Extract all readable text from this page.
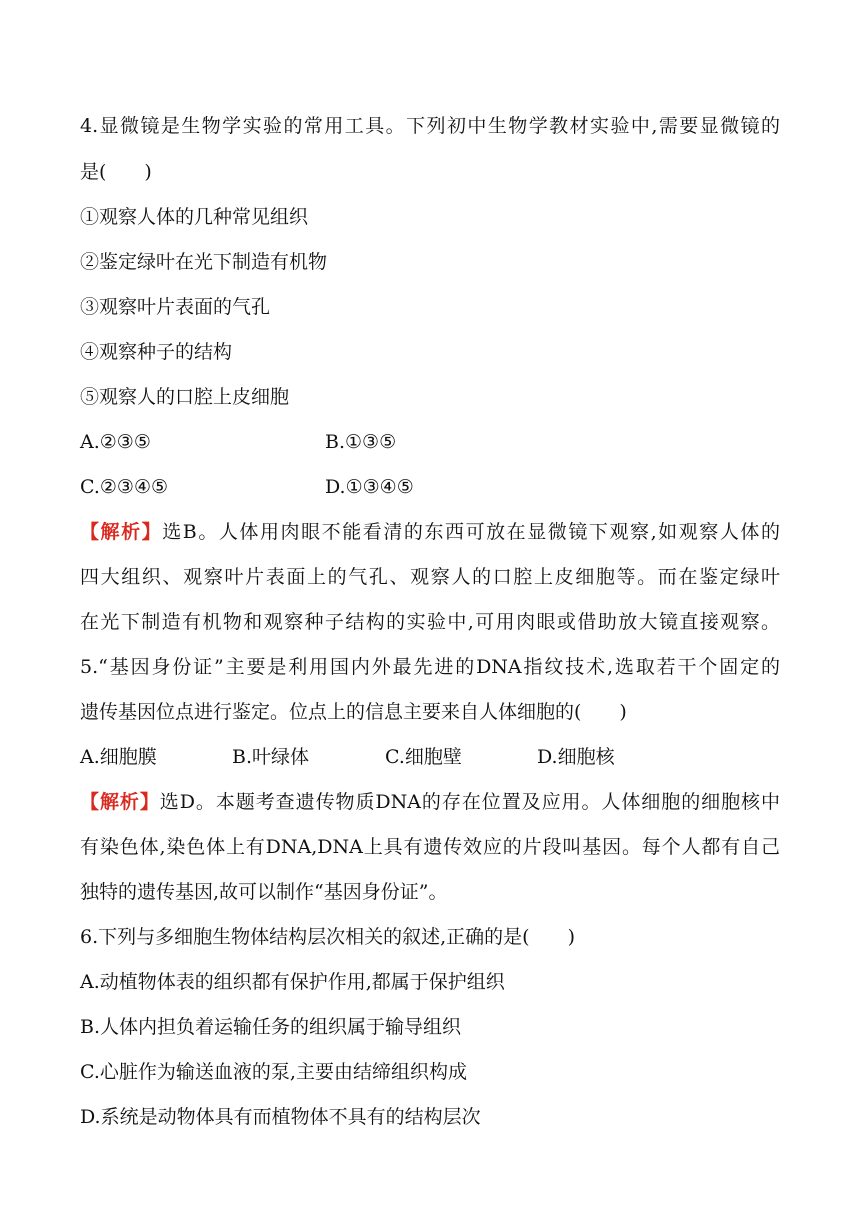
4.显微镜是生物学实验的常用工具。下列初中生物学教材实验中,需要显微镜的
是(　　)
①观察人体的几种常见组织
②鉴定绿叶在光下制造有机物
③观察叶片表面的气孔
④观察种子的结构
⑤观察人的口腔上皮细胞
A.②③⑤	B.①③⑤
C.②③④⑤	D.①③④⑤
【解析】选B。人体用肉眼不能看清的东西可放在显微镜下观察,如观察人体的
四大组织、观察叶片表面上的气孔、观察人的口腔上皮细胞等。而在鉴定绿叶
在光下制造有机物和观察种子结构的实验中,可用肉眼或借助放大镜直接观察。
5.“基因身份证”主要是利用国内外最先进的DNA指纹技术,选取若干个固定的
遗传基因位点进行鉴定。位点上的信息主要来自人体细胞的(　　)
A.细胞膜	B.叶绿体	C.细胞壁	D.细胞核
【解析】选D。本题考查遗传物质DNA的存在位置及应用。人体细胞的细胞核中
有染色体,染色体上有DNA,DNA上具有遗传效应的片段叫基因。每个人都有自己
独特的遗传基因,故可以制作“基因身份证”。
6.下列与多细胞生物体结构层次相关的叙述,正确的是(　　)
A.动植物体表的组织都有保护作用,都属于保护组织
B.人体内担负着运输任务的组织属于输导组织
C.心脏作为输送血液的泵,主要由结缔组织构成
D.系统是动物体具有而植物体不具有的结构层次
